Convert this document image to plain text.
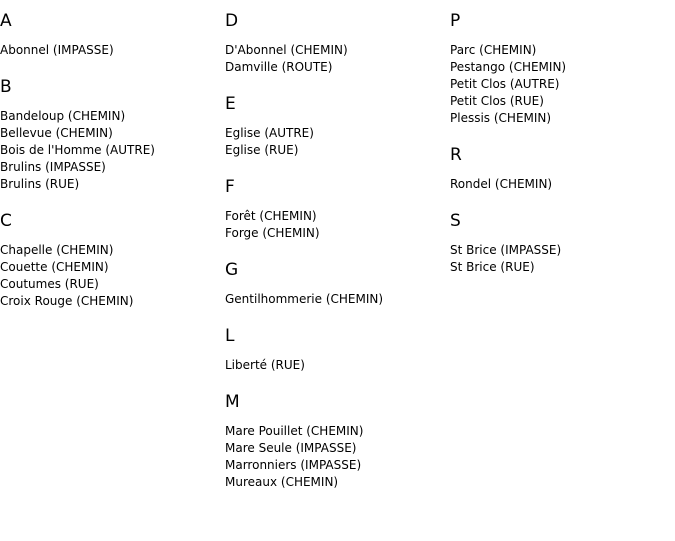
A
Abonnel (IMPASSE)
B
Bandeloup (CHEMIN)
Bellevue (CHEMIN)
Bois de l'Homme (AUTRE)
Brulins (IMPASSE)
Brulins (RUE)
C
Chapelle (CHEMIN)
Couette (CHEMIN)
Coutumes (RUE)
Croix Rouge (CHEMIN)
D
D'Abonnel (CHEMIN)
Damville (ROUTE)
E
Eglise (AUTRE)
Eglise (RUE)
F
Forêt (CHEMIN)
Forge (CHEMIN)
G
Gentilhommerie (CHEMIN)
L
Liberté (RUE)
M
Mare Pouillet (CHEMIN)
Mare Seule (IMPASSE)
Marronniers (IMPASSE)
Mureaux (CHEMIN)
P
Parc (CHEMIN)
Pestango (CHEMIN)
Petit Clos (AUTRE)
Petit Clos (RUE)
Plessis (CHEMIN)
R
Rondel (CHEMIN)
S
St Brice (IMPASSE)
St Brice (RUE)
